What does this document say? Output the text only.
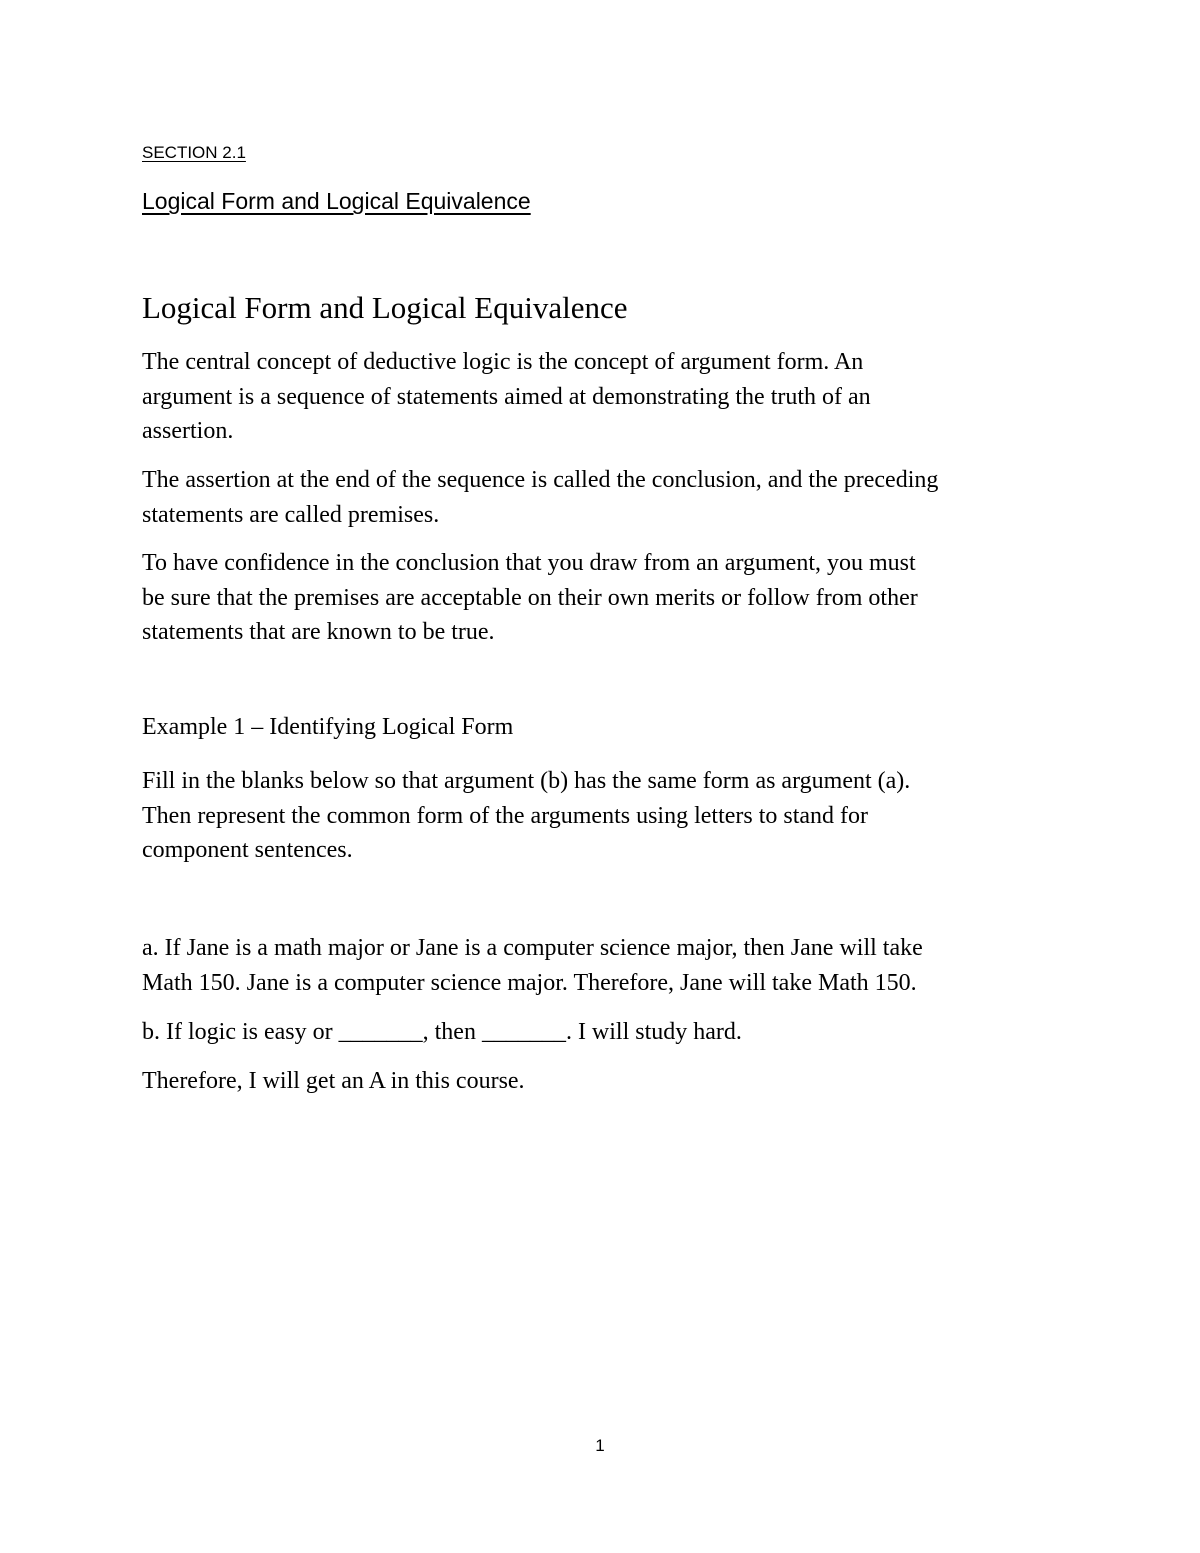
SECTION 2.1
Logical Form and Logical Equivalence
Logical Form and Logical Equivalence
The central concept of deductive logic is the concept of argument form. An
argument is a sequence of statements aimed at demonstrating the truth of an
assertion.
The assertion at the end of the sequence is called the conclusion, and the preceding
statements are called premises.
To have confidence in the conclusion that you draw from an argument, you must
be sure that the premises are acceptable on their own merits or follow from other
statements that are known to be true.
Example 1 – Identifying Logical Form
Fill in the blanks below so that argument (b) has the same form as argument (a).
Then represent the common form of the arguments using letters to stand for
component sentences.
a. If Jane is a math major or Jane is a computer science major, then Jane will take
Math 150. Jane is a computer science major. Therefore, Jane will take Math 150.
b. If logic is easy or _______, then _______. I will study hard.
Therefore, I will get an A in this course.
1
